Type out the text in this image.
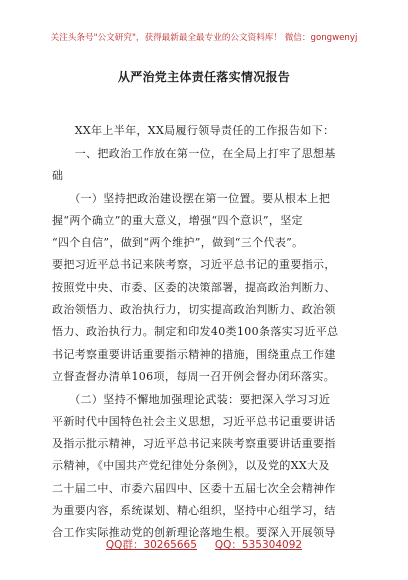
关注头条号"公文研究"，获得最新最全最专业的公文资料库！ 微信：gongwenyj
从严治党主体责任落实情况报告

　　XX年上半年，XX局履行领导责任的工作报告如下：

　　一、把政治工作放在第一位，在全局上打牢了思想基

础

　　（一）坚持把政治建设摆在第一位置。要从根本上把

握“两个确立”的重大意义，增强“四个意识”，坚定

“四个自信”，做到“两个维护”，做到“三个代表”。

要把习近平总书记来陕考察，习近平总书记的重要指示，

按照党中央、市委、区委的决策部署，提高政治判断力、

政治领悟力、政治执行力，切实提高政治判断力、政治领

悟力、政治执行力。制定和印发40类100条落实习近平总

书记考察重要讲话重要指示精神的措施，围绕重点工作建

立督查督办清单106项，每周一召开例会督办闭环落实。

　　（二）坚持不懈地加强理论武装：要把深入学习习近

平新时代中国特色社会主义思想，习近平总书记重要讲话

及指示批示精神，习近平总书记来陕考察重要讲话重要指

示精神，《中国共产党纪律处分条例》，以及党的XX大及

二十届二中、市委六届四中、区委十五届七次全会精神作

为重要内容，系统谋划、精心组织，坚持中心组学习，结

合工作实际推动党的创新理论落地生根。要深入开展领导

QQ群：30265665 QQ：535304092
